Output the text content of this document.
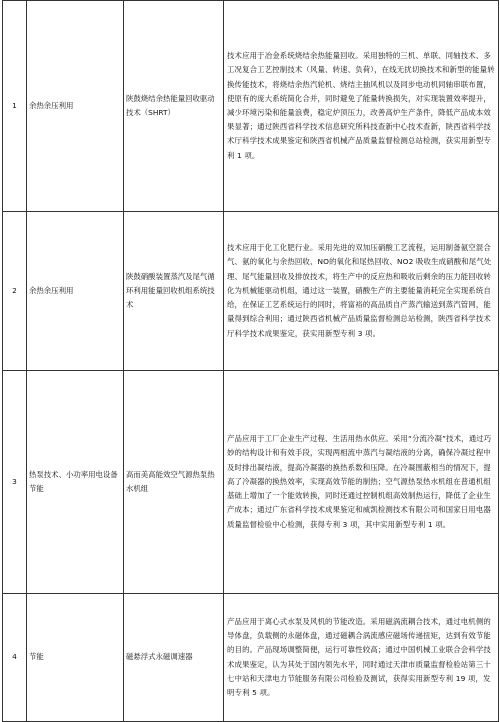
1	余热余压利用	陕鼓烧结余热能量回收驱动技术（SHRT）	技术应用于冶金系统烧结余热能量回收。采用独特的三机、单联、同轴技术、多工况复合工艺控制技术（风量、转速、负荷），在线无扰切换技术和新型的能量转换传能技术，将烧结余热汽轮机、烧结主抽风机以及同步电动机同轴串联布置，使原有的庞大系统简化合并，同时避免了能量转换损失，对实现装置效率提升，减少环境污染和能量浪费，稳定炉顶压力，改善高炉生产条件，降低产品成本效果显著；通过陕西省科学技术信息研究所科技查新中心技术查新，陕西省科学技术厅科学技术成果鉴定和陕西省机械产品质量监督检测总站检测，获实用新型专利 1 项。
2	余热余压利用	陕鼓硝酸装置蒸汽及尾气循环利用能量回收机组系统技术	技术应用于化工化肥行业。采用先进的双加压硝酸工艺流程，运用制备氨空混合气、氨的氧化与余热回收、NO的氧化和尾热回收、NO2 吸收生成硝酸和尾气处理、尾气能量回收及排放技术，将生产中的反应热和吸收后剩余的压力能回收转化为机械能驱动机组，通过这一装置，硝酸生产的主要能量消耗完全实现系统自给，在保证工艺系统运行的同时，将富裕的高品质自产蒸汽输送到蒸汽管网，能量得到综合利用；通过陕西省机械产品质量监督检测总站检测，陕西省科学技术厅科学技术成果鉴定，获实用新型专利 3 项。
3	热泵技术、小功率用电设备节能	高而美高能效空气源热泵热水机组	产品应用于工厂企业生产过程、生活用热水供应。采用“分流冷凝”技术，通过巧妙的结构设计和有效手段，实现两相流中蒸汽与凝结液的分离，确保冷凝过程中及时排出凝结液，提高冷凝器的换热系数和压降。在冷凝围蔽相当的情况下，提高了冷凝器的换热效率，实现高效节能的制热；空气源热泵热水机组在普通机组基础上增加了一个能效转换，同时还通过控制机组高效制热运行，降低了企业生产成本；通过广东省科学技术成果鉴定和威凯检测技术有限公司和国家日用电器质量监督检验中心检测，获得专利 3 项，其中实用新型专利 1 项。
4	节能	磁悬浮式永磁调速器	产品应用于离心式水泵及风机的节能改造。采用磁涡流耦合技术，通过电机侧的导体盘，负载侧的永磁体盘，通过磁耦合涡流感应磁场传递扭矩，达到有效节能的目的。产品现场调整简便，运行可靠性较高；通过中国机械工业联合会科学技术成果鉴定，认为其处于国内领先水平，同时通过天津市质量监督检验站第三十七中站和天津电力节能服务有限公司检验及测试，获得实用新型专利 19 项，发明专利 5 项。
